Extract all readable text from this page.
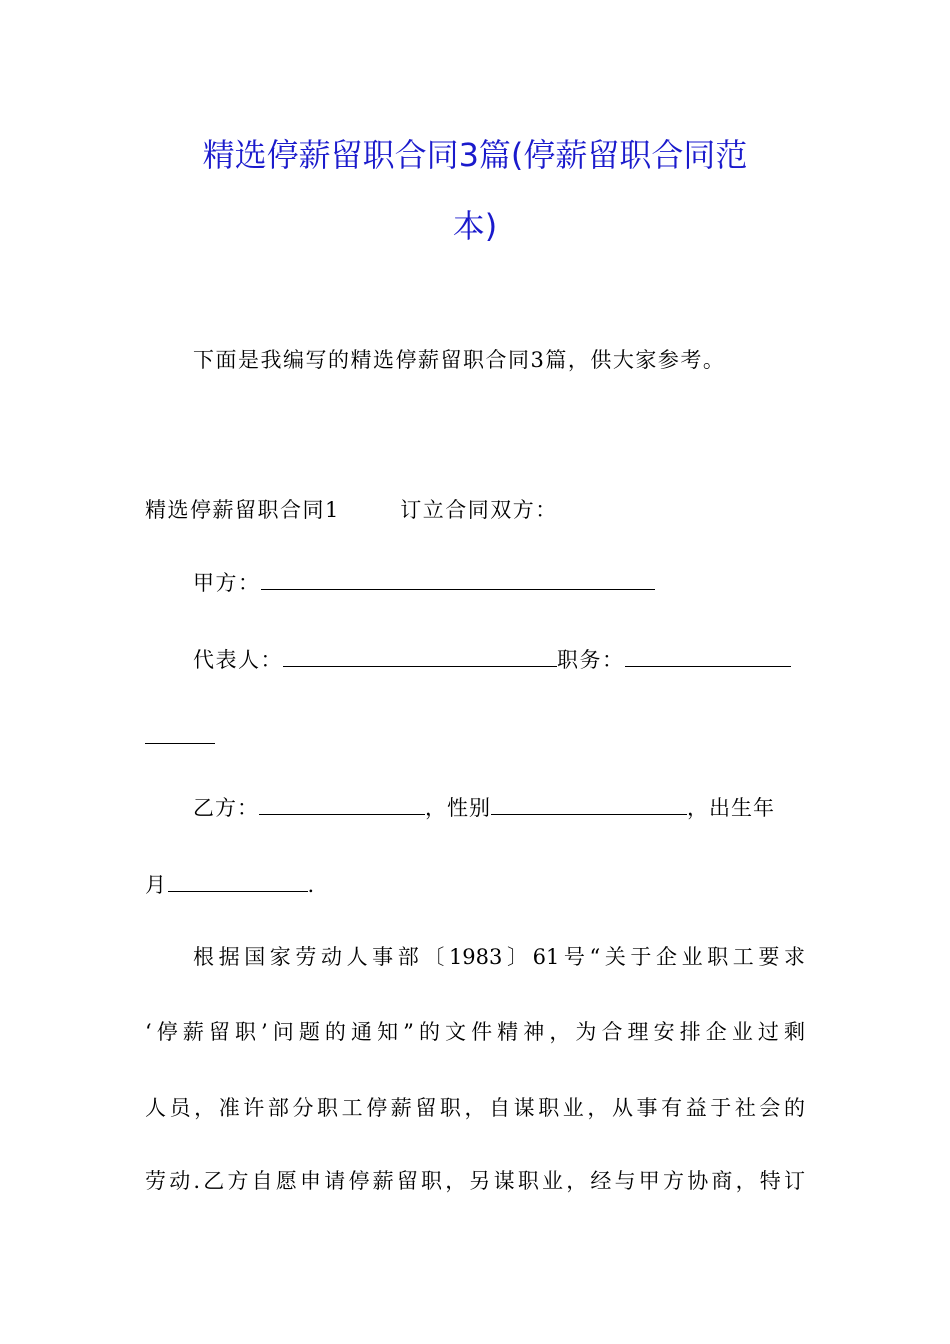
精选停薪留职合同3篇(停薪留职合同范
本)
下面是我编写的精选停薪留职合同3篇，供大家参考。
精选停薪留职合同1	订立合同双方：
甲方：
代表人：	职务：
乙方：	，性别	，出生年
月	.
根据国家劳动人事部〔1983〕61号“关于企业职工要求
‘停薪留职’问题的通知”的文件精神，为合理安排企业过剩
人员，准许部分职工停薪留职，自谋职业，从事有益于社会的
劳动.乙方自愿申请停薪留职，另谋职业，经与甲方协商，特订
